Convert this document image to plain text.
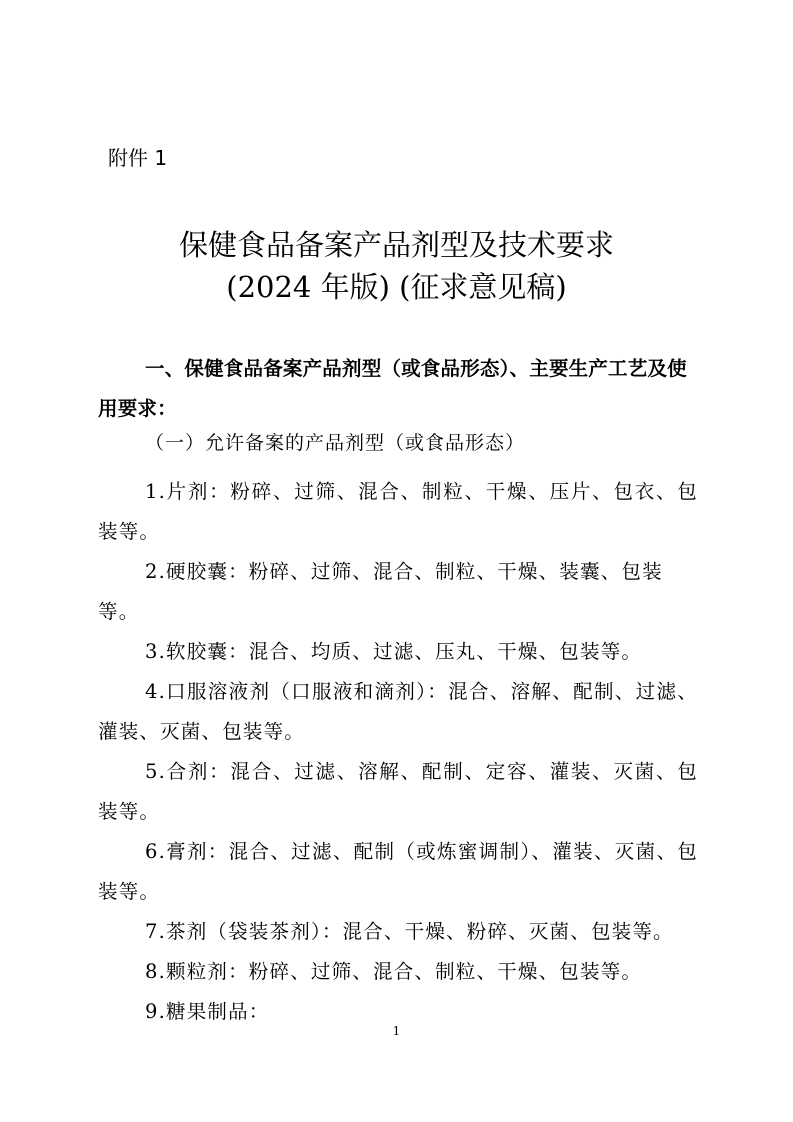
附件 1
保健食品备案产品剂型及技术要求
(2024 年版) (征求意见稿)
一、保健食品备案产品剂型（或食品形态）、主要生产工艺及使用要求：
（一）允许备案的产品剂型（或食品形态）
1.片剂：粉碎、过筛、混合、制粒、干燥、压片、包衣、包装等。
2.硬胶囊：粉碎、过筛、混合、制粒、干燥、装囊、包装等。
3.软胶囊：混合、均质、过滤、压丸、干燥、包装等。
4.口服溶液剂（口服液和滴剂）：混合、溶解、配制、过滤、灌装、灭菌、包装等。
5.合剂：混合、过滤、溶解、配制、定容、灌装、灭菌、包装等。
6.膏剂：混合、过滤、配制（或炼蜜调制）、灌装、灭菌、包装等。
7.茶剂（袋装茶剂）：混合、干燥、粉碎、灭菌、包装等。
8.颗粒剂：粉碎、过筛、混合、制粒、干燥、包装等。
9.糖果制品：
1
